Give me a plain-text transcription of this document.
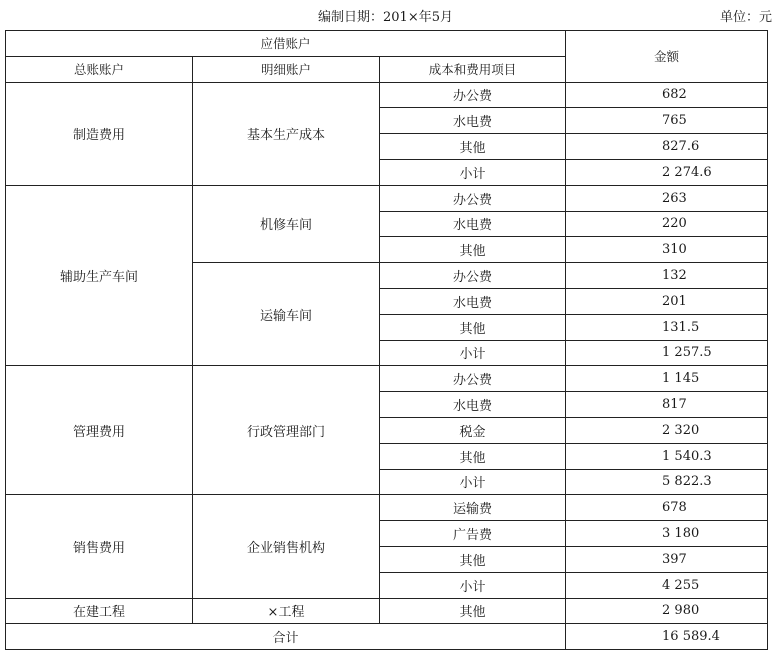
编制日期：201×年5月	单位：元
应借账户			金额
总账账户	明细账户	成本和费用项目	
制造费用	基本生产成本	办公费	682
		水电费	765
		其他	827.6
		小计	2 274.6
辅助生产车间	机修车间	办公费	263
		水电费	220
		其他	310
	运输车间	办公费	132
		水电费	201
		其他	131.5
		小计	1 257.5
管理费用	行政管理部门	办公费	1 145
		水电费	817
		税金	2 320
		其他	1 540.3
		小计	5 822.3
销售费用	企业销售机构	运输费	678
		广告费	3 180
		其他	397
		小计	4 255
在建工程	×工程	其他	2 980
合计			16 589.4
